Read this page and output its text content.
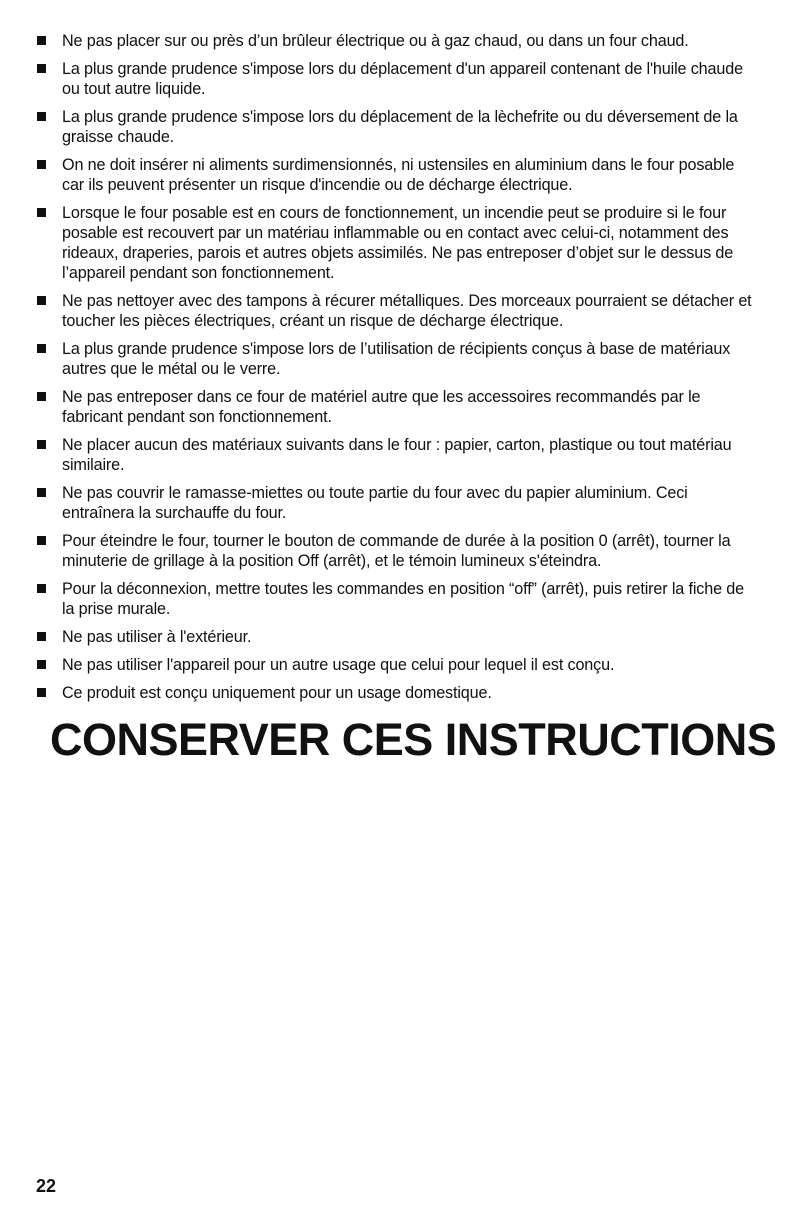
Ne pas placer sur ou près d’un brûleur électrique ou à gaz chaud, ou dans un four chaud.
La plus grande prudence s'impose lors du déplacement d'un appareil contenant de l'huile chaude ou tout autre liquide.
La plus grande prudence s'impose lors du déplacement de la lèchefrite ou du déversement de la graisse chaude.
On ne doit insérer ni aliments surdimensionnés, ni ustensiles en aluminium dans le four posable car ils peuvent présenter un risque d'incendie ou de décharge électrique.
Lorsque le four posable est en cours de fonctionnement, un incendie peut se produire si le four posable est recouvert par un matériau inflammable ou en contact avec celui-ci, notamment des rideaux, draperies, parois et autres objets assimilés. Ne pas entreposer d’objet sur le dessus de l’appareil pendant son fonctionnement.
Ne pas nettoyer avec des tampons à récurer métalliques. Des morceaux pourraient se détacher et toucher les pièces électriques, créant un risque de décharge électrique.
La plus grande prudence s'impose lors de l’utilisation de récipients conçus à base de matériaux autres que le métal ou le verre.
Ne pas entreposer dans ce four de matériel autre que les accessoires recommandés par le fabricant pendant son fonctionnement.
Ne placer aucun des matériaux suivants dans le four : papier, carton, plastique ou tout matériau similaire.
Ne pas couvrir le ramasse-miettes ou toute partie du four avec du papier aluminium. Ceci entraînera la surchauffe du four.
Pour éteindre le four, tourner le bouton de commande de durée à la position 0 (arrêt), tourner la minuterie de grillage à la position Off (arrêt), et le témoin lumineux s'éteindra.
Pour la déconnexion, mettre toutes les commandes en position “off” (arrêt), puis retirer la fiche de la prise murale.
Ne pas utiliser à l'extérieur.
Ne pas utiliser l'appareil pour un autre usage que celui pour lequel il est conçu.
Ce produit est conçu uniquement pour un usage domestique.
CONSERVER CES INSTRUCTIONS
22
